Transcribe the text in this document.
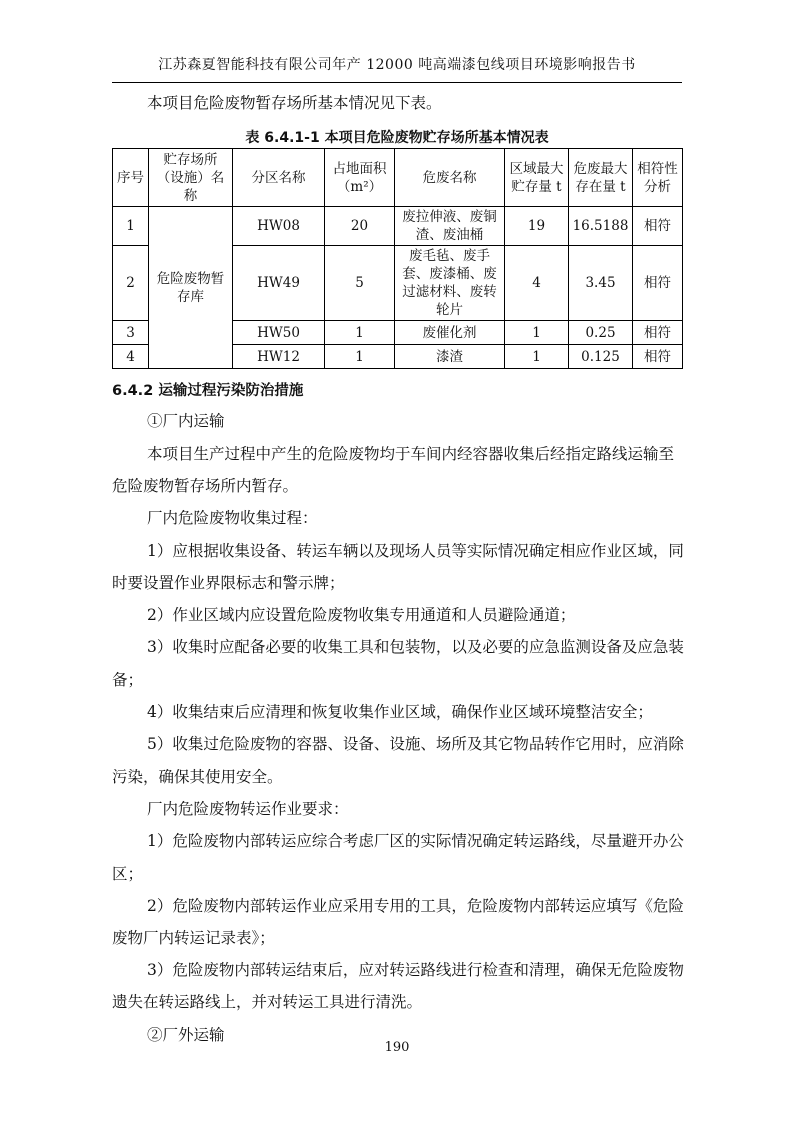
江苏森夏智能科技有限公司年产 12000 吨高端漆包线项目环境影响报告书
本项目危险废物暂存场所基本情况见下表。
表 6.4.1-1 本项目危险废物贮存场所基本情况表
序号	贮存场所（设施）名称	分区名称	占地面积（m²）	危废名称	区域最大贮存量 t	危废最大存在量 t	相符性分析
1	危险废物暂存库	HW08	20	废拉伸液、废铜渣、废油桶	19	16.5188	相符
2		HW49	5	废毛毡、废手套、废漆桶、废过滤材料、废转轮片	4	3.45	相符
3		HW50	1	废催化剂	1	0.25	相符
4		HW12	1	漆渣	1	0.125	相符
6.4.2 运输过程污染防治措施
①厂内运输
本项目生产过程中产生的危险废物均于车间内经容器收集后经指定路线运输至
危险废物暂存场所内暂存。
厂内危险废物收集过程：
1）应根据收集设备、转运车辆以及现场人员等实际情况确定相应作业区域，同
时要设置作业界限标志和警示牌；
2）作业区域内应设置危险废物收集专用通道和人员避险通道；
3）收集时应配备必要的收集工具和包装物，以及必要的应急监测设备及应急装
备；
4）收集结束后应清理和恢复收集作业区域，确保作业区域环境整洁安全；
5）收集过危险废物的容器、设备、设施、场所及其它物品转作它用时，应消除
污染，确保其使用安全。
厂内危险废物转运作业要求：
1）危险废物内部转运应综合考虑厂区的实际情况确定转运路线，尽量避开办公
区；
2）危险废物内部转运作业应采用专用的工具，危险废物内部转运应填写《危险
废物厂内转运记录表》；
3）危险废物内部转运结束后，应对转运路线进行检查和清理，确保无危险废物
遗失在转运路线上，并对转运工具进行清洗。
②厂外运输
190
